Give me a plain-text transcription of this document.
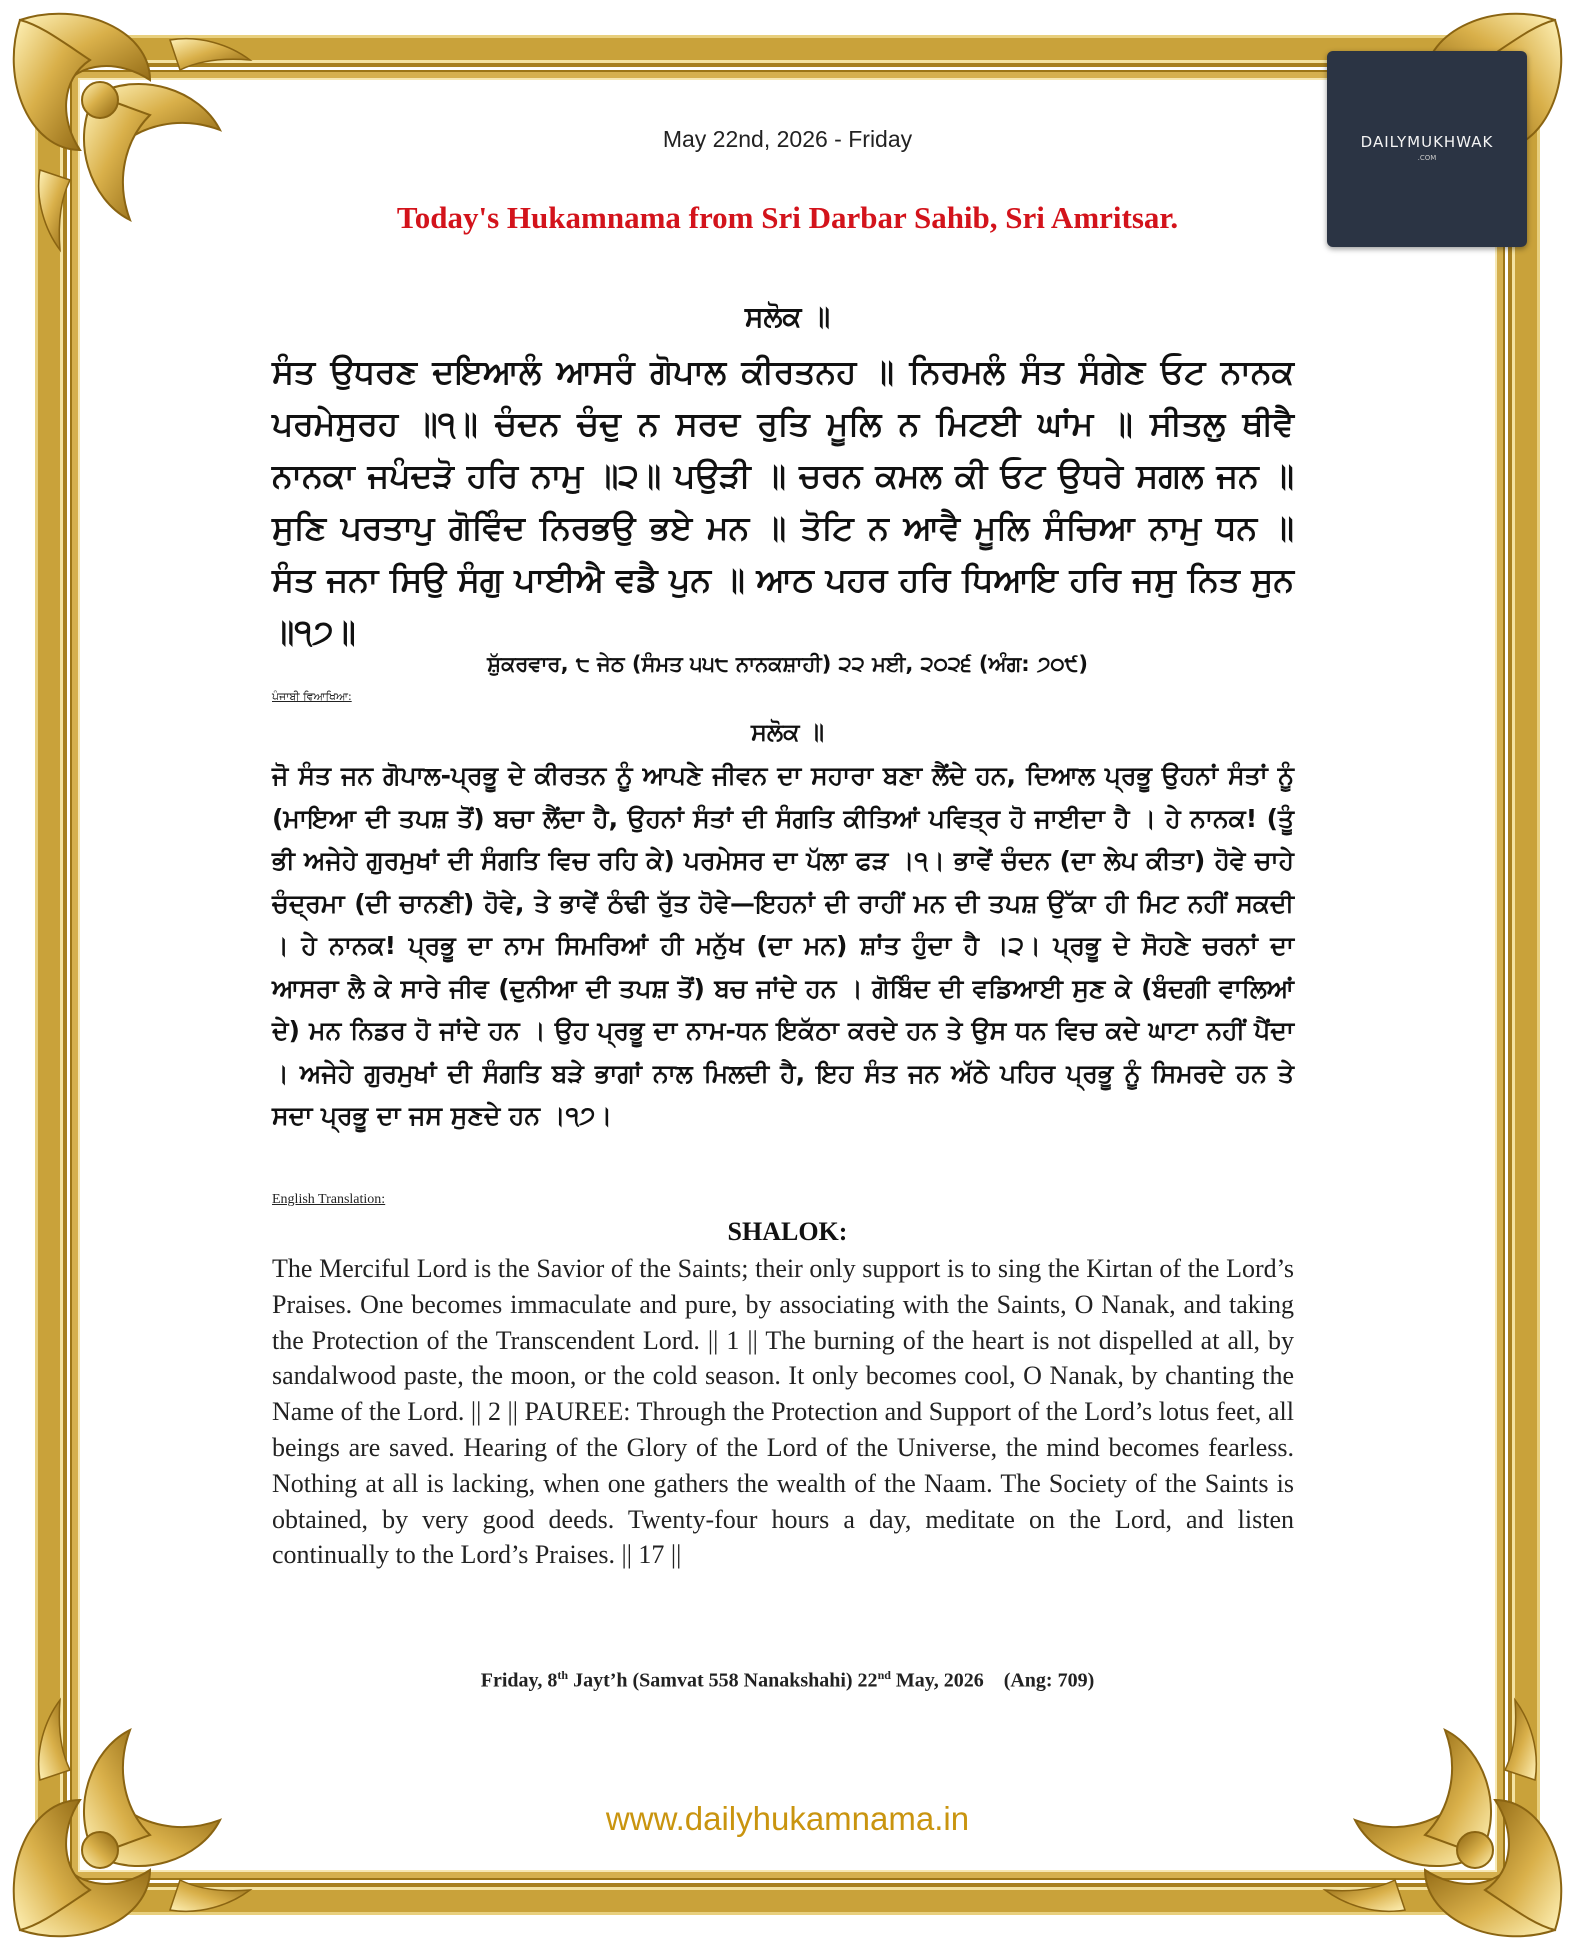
DAILYMUKHWAK
.COM
May 22nd, 2026 - Friday
Today's Hukamnama from Sri Darbar Sahib, Sri Amritsar.
ਸਲੋਕ ॥
ਸੰਤ ਉਧਰਣ ਦਇਆਲੰ ਆਸਰੰ ਗੋਪਾਲ ਕੀਰਤਨਹ ॥ ਨਿਰਮਲੰ ਸੰਤ ਸੰਗੇਣ ਓਟ ਨਾਨਕ ਪਰਮੇਸੁਰਹ ॥੧॥ ਚੰਦਨ ਚੰਦੁ ਨ ਸਰਦ ਰੁਤਿ ਮੂਲਿ ਨ ਮਿਟਈ ਘਾਂਮ ॥ ਸੀਤਲੁ ਥੀਵੈ ਨਾਨਕਾ ਜਪੰਦੜੋ ਹਰਿ ਨਾਮੁ ॥੨॥ ਪਉੜੀ ॥ ਚਰਨ ਕਮਲ ਕੀ ਓਟ ਉਧਰੇ ਸਗਲ ਜਨ ॥ ਸੁਣਿ ਪਰਤਾਪੁ ਗੋਵਿੰਦ ਨਿਰਭਉ ਭਏ ਮਨ ॥ ਤੋਟਿ ਨ ਆਵੈ ਮੂਲਿ ਸੰਚਿਆ ਨਾਮੁ ਧਨ ॥ ਸੰਤ ਜਨਾ ਸਿਉ ਸੰਗੁ ਪਾਈਐ ਵਡੈ ਪੁਨ ॥ ਆਠ ਪਹਰ ਹਰਿ ਧਿਆਇ ਹਰਿ ਜਸੁ ਨਿਤ ਸੁਨ ॥੧੭॥
ਸ਼ੁੱਕਰਵਾਰ, ੮ ਜੇਠ (ਸੰਮਤ ੫੫੮ ਨਾਨਕਸ਼ਾਹੀ) ੨੨ ਮਈ, ੨੦੨੬ (ਅੰਗ: ੭੦੯)
ਪੰਜਾਬੀ ਵਿਆਖਿਆ:
ਸਲੋਕ ॥
ਜੋ ਸੰਤ ਜਨ ਗੋਪਾਲ-ਪ੍ਰਭੂ ਦੇ ਕੀਰਤਨ ਨੂੰ ਆਪਣੇ ਜੀਵਨ ਦਾ ਸਹਾਰਾ ਬਣਾ ਲੈਂਦੇ ਹਨ, ਦਿਆਲ ਪ੍ਰਭੂ ਉਹਨਾਂ ਸੰਤਾਂ ਨੂੰ (ਮਾਇਆ ਦੀ ਤਪਸ਼ ਤੋਂ) ਬਚਾ ਲੈਂਦਾ ਹੈ, ਉਹਨਾਂ ਸੰਤਾਂ ਦੀ ਸੰਗਤਿ ਕੀਤਿਆਂ ਪਵਿਤ੍ਰ ਹੋ ਜਾਈਦਾ ਹੈ । ਹੇ ਨਾਨਕ! (ਤੂੰ ਭੀ ਅਜੇਹੇ ਗੁਰਮੁਖਾਂ ਦੀ ਸੰਗਤਿ ਵਿਚ ਰਹਿ ਕੇ) ਪਰਮੇਸਰ ਦਾ ਪੱਲਾ ਫੜ ।੧। ਭਾਵੇਂ ਚੰਦਨ (ਦਾ ਲੇਪ ਕੀਤਾ) ਹੋਵੇ ਚਾਹੇ ਚੰਦ੍ਰਮਾ (ਦੀ ਚਾਨਣੀ) ਹੋਵੇ, ਤੇ ਭਾਵੇਂ ਠੰਢੀ ਰੁੱਤ ਹੋਵੇ—ਇਹਨਾਂ ਦੀ ਰਾਹੀਂ ਮਨ ਦੀ ਤਪਸ਼ ਉੱਕਾ ਹੀ ਮਿਟ ਨਹੀਂ ਸਕਦੀ । ਹੇ ਨਾਨਕ! ਪ੍ਰਭੂ ਦਾ ਨਾਮ ਸਿਮਰਿਆਂ ਹੀ ਮਨੁੱਖ (ਦਾ ਮਨ) ਸ਼ਾਂਤ ਹੁੰਦਾ ਹੈ ।੨। ਪ੍ਰਭੂ ਦੇ ਸੋਹਣੇ ਚਰਨਾਂ ਦਾ ਆਸਰਾ ਲੈ ਕੇ ਸਾਰੇ ਜੀਵ (ਦੁਨੀਆ ਦੀ ਤਪਸ਼ ਤੋਂ) ਬਚ ਜਾਂਦੇ ਹਨ । ਗੋਬਿੰਦ ਦੀ ਵਡਿਆਈ ਸੁਣ ਕੇ (ਬੰਦਗੀ ਵਾਲਿਆਂ ਦੇ) ਮਨ ਨਿਡਰ ਹੋ ਜਾਂਦੇ ਹਨ । ਉਹ ਪ੍ਰਭੂ ਦਾ ਨਾਮ-ਧਨ ਇਕੱਠਾ ਕਰਦੇ ਹਨ ਤੇ ਉਸ ਧਨ ਵਿਚ ਕਦੇ ਘਾਟਾ ਨਹੀਂ ਪੈਂਦਾ । ਅਜੇਹੇ ਗੁਰਮੁਖਾਂ ਦੀ ਸੰਗਤਿ ਬੜੇ ਭਾਗਾਂ ਨਾਲ ਮਿਲਦੀ ਹੈ, ਇਹ ਸੰਤ ਜਨ ਅੱਠੇ ਪਹਿਰ ਪ੍ਰਭੂ ਨੂੰ ਸਿਮਰਦੇ ਹਨ ਤੇ ਸਦਾ ਪ੍ਰਭੂ ਦਾ ਜਸ ਸੁਣਦੇ ਹਨ ।੧੭।
English Translation:
SHALOK:
The Merciful Lord is the Savior of the Saints; their only support is to sing the Kirtan of the Lord’s Praises. One becomes immaculate and pure, by associating with the Saints, O Nanak, and taking the Protection of the Transcendent Lord. || 1 || The burning of the heart is not dispelled at all, by sandalwood paste, the moon, or the cold season. It only becomes cool, O Nanak, by chanting the Name of the Lord. || 2 || PAUREE: Through the Protection and Support of the Lord’s lotus feet, all beings are saved. Hearing of the Glory of the Lord of the Universe, the mind becomes fearless. Nothing at all is lacking, when one gathers the wealth of the Naam. The Society of the Saints is obtained, by very good deeds. Twenty-four hours a day, meditate on the Lord, and listen continually to the Lord’s Praises. || 17 ||
Friday, 8th Jayt’h (Samvat 558 Nanakshahi) 22nd May, 2026    (Ang: 709)
www.dailyhukamnama.in
